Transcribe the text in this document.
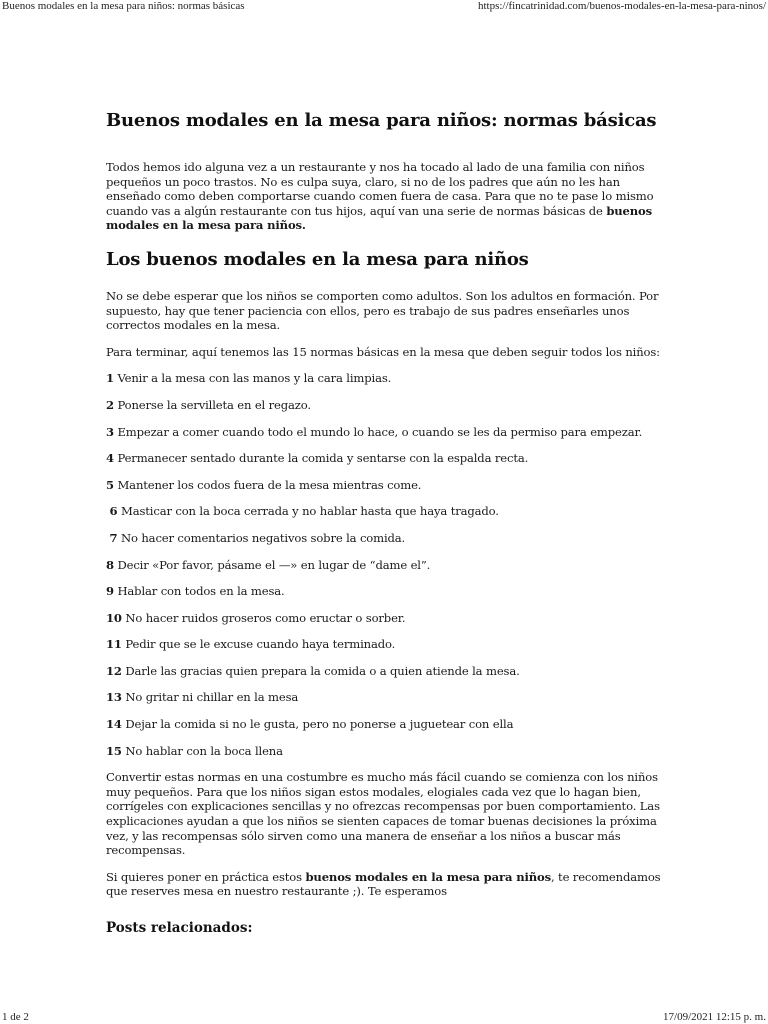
Buenos modales en la mesa para niños: normas básicas	https://fincatrinidad.com/buenos-modales-en-la-mesa-para-ninos/
Buenos modales en la mesa para niños: normas básicas

Todos hemos ido alguna vez a un restaurante y nos ha tocado al lado de una familia con niños pequeños un poco trastos. No es culpa suya, claro, si no de los padres que aún no les han enseñado como deben comportarse cuando comen fuera de casa. Para que no te pase lo mismo cuando vas a algún restaurante con tus hijos, aquí van una serie de normas básicas de buenos modales en la mesa para niños.

Los buenos modales en la mesa para niños

No se debe esperar que los niños se comporten como adultos. Son los adultos en formación. Por supuesto, hay que tener paciencia con ellos, pero es trabajo de sus padres enseñarles unos correctos modales en la mesa.

Para terminar, aquí tenemos las 15 normas básicas en la mesa que deben seguir todos los niños:

1 Venir a la mesa con las manos y la cara limpias.
2 Ponerse la servilleta en el regazo.
3 Empezar a comer cuando todo el mundo lo hace, o cuando se les da permiso para empezar.
4 Permanecer sentado durante la comida y sentarse con la espalda recta.
5 Mantener los codos fuera de la mesa mientras come.
6 Masticar con la boca cerrada y no hablar hasta que haya tragado.
7 No hacer comentarios negativos sobre la comida.
8 Decir «Por favor, pásame el —» en lugar de “dame el”.
9 Hablar con todos en la mesa.
10 No hacer ruidos groseros como eructar o sorber.
11 Pedir que se le excuse cuando haya terminado.
12 Darle las gracias quien prepara la comida o a quien atiende la mesa.
13 No gritar ni chillar en la mesa
14 Dejar la comida si no le gusta, pero no ponerse a juguetear con ella
15 No hablar con la boca llena

Convertir estas normas en una costumbre es mucho más fácil cuando se comienza con los niños muy pequeños. Para que los niños sigan estos modales, elogiales cada vez que lo hagan bien, corrígeles con explicaciones sencillas y no ofrezcas recompensas por buen comportamiento. Las explicaciones ayudan a que los niños se sienten capaces de tomar buenas decisiones la próxima vez, y las recompensas sólo sirven como una manera de enseñar a los niños a buscar más recompensas.

Si quieres poner en práctica estos buenos modales en la mesa para niños, te recomendamos que reserves mesa en nuestro restaurante ;). Te esperamos

Posts relacionados:
1 de 2	17/09/2021 12:15 p. m.
